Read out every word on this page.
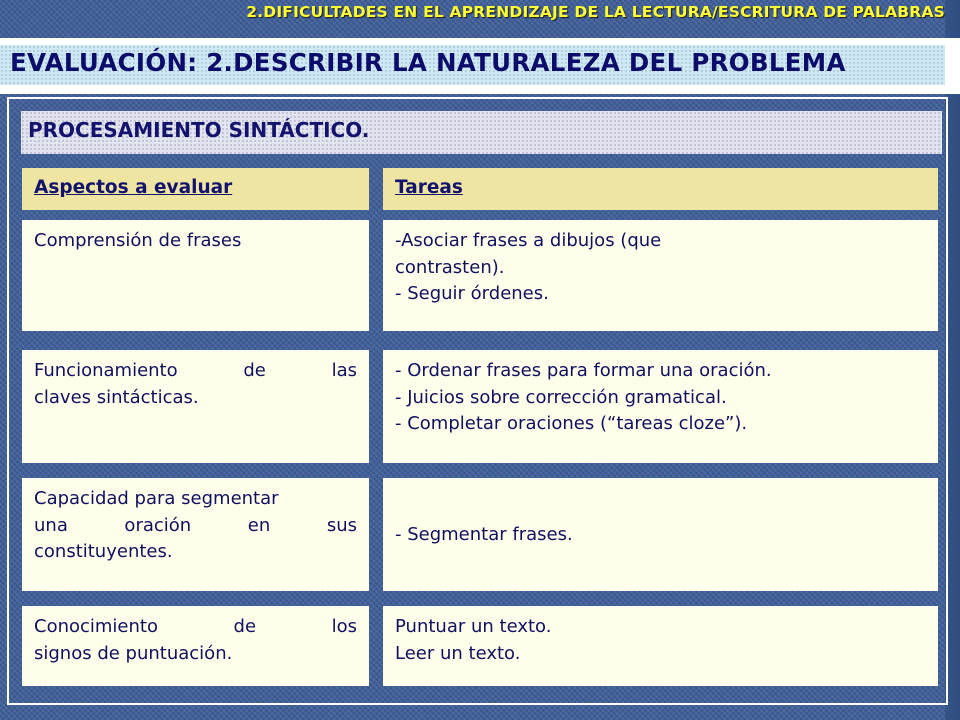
2.DIFICULTADES EN EL APRENDIZAJE DE LA LECTURA/ESCRITURA DE PALABRAS
EVALUACIÓN: 2.DESCRIBIR LA NATURALEZA DEL PROBLEMA
PROCESAMIENTO SINTÁCTICO.
Aspectos a evaluar	Tareas
Comprensión de frases	-Asociar frases a dibujos (que
contrasten).
- Seguir órdenes.
Funcionamiento de las
claves sintácticas.
- Ordenar frases para formar una oración.
- Juicios sobre corrección gramatical.
- Completar oraciones (“tareas cloze”).
Capacidad para segmentar
una oración en sus
constituyentes.
- Segmentar frases.
Conocimiento de los
signos de puntuación.
Puntuar un texto.
Leer un texto.
